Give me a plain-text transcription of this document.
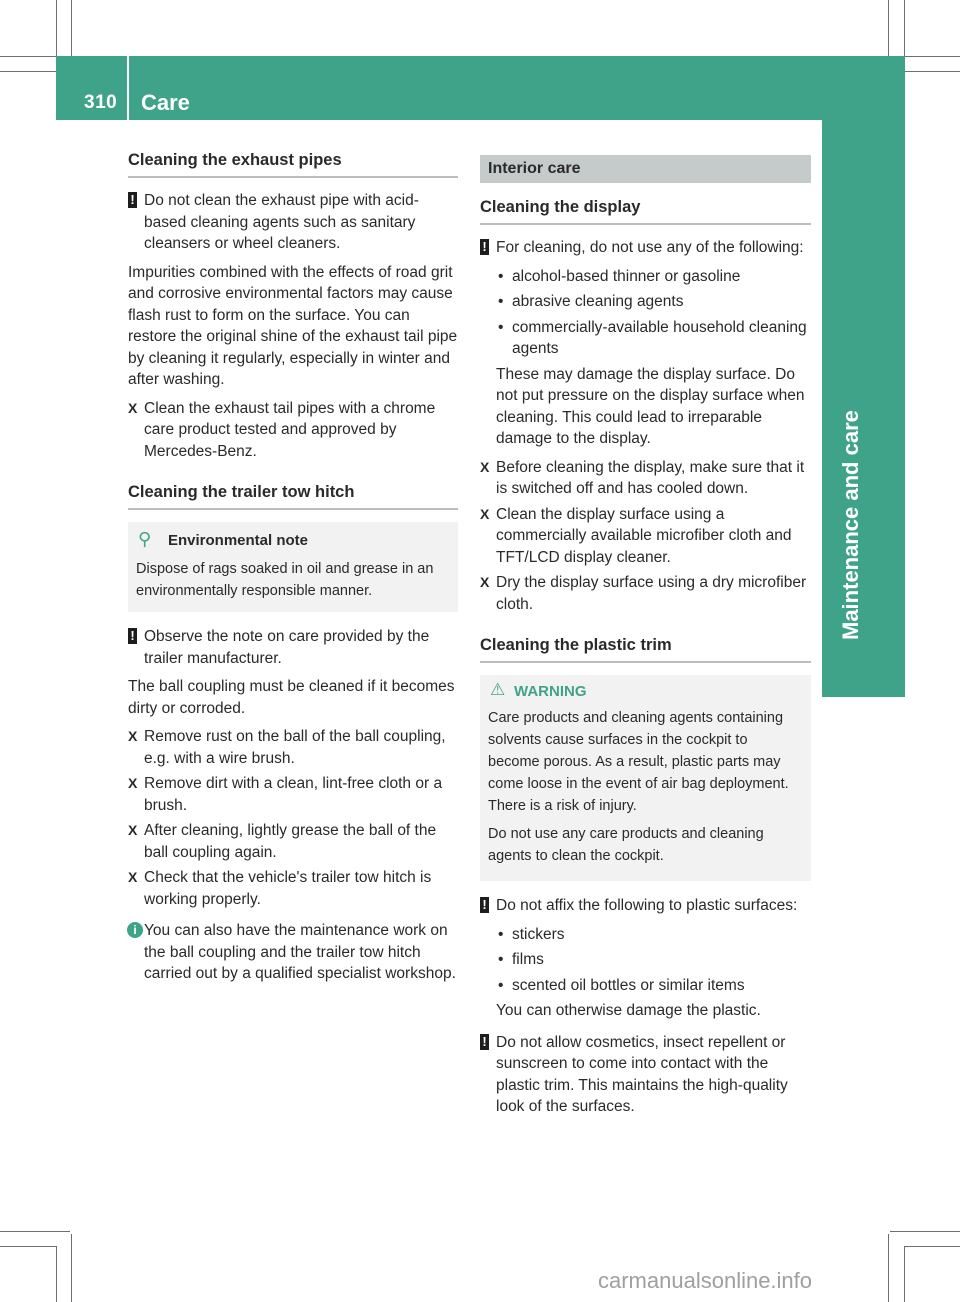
310 Care
Maintenance and care
Cleaning the exhaust pipes
! Do not clean the exhaust pipe with acid-based cleaning agents such as sanitary cleansers or wheel cleaners.

Impurities combined with the effects of road grit and corrosive environmental factors may cause flash rust to form on the surface. You can restore the original shine of the exhaust tail pipe by cleaning it regularly, especially in winter and after washing.

X Clean the exhaust tail pipes with a chrome care product tested and approved by Mercedes-Benz.
Cleaning the trailer tow hitch
⚲ Environmental note
Dispose of rags soaked in oil and grease in an environmentally responsible manner.
! Observe the note on care provided by the trailer manufacturer.

The ball coupling must be cleaned if it becomes dirty or corroded.

X Remove rust on the ball of the ball coupling, e.g. with a wire brush.
X Remove dirt with a clean, lint-free cloth or a brush.
X After cleaning, lightly grease the ball of the ball coupling again.
X Check that the vehicle's trailer tow hitch is working properly.
i You can also have the maintenance work on the ball coupling and the trailer tow hitch carried out by a qualified specialist workshop.
Interior care
Cleaning the display
! For cleaning, do not use any of the following:
• alcohol-based thinner or gasoline
• abrasive cleaning agents
• commercially-available household cleaning agents

These may damage the display surface. Do not put pressure on the display surface when cleaning. This could lead to irreparable damage to the display.

X Before cleaning the display, make sure that it is switched off and has cooled down.
X Clean the display surface using a commercially available microfiber cloth and TFT/LCD display cleaner.
X Dry the display surface using a dry microfiber cloth.
Cleaning the plastic trim
⚠ WARNING

Care products and cleaning agents containing solvents cause surfaces in the cockpit to become porous. As a result, plastic parts may come loose in the event of air bag deployment. There is a risk of injury.

Do not use any care products and cleaning agents to clean the cockpit.

! Do not affix the following to plastic surfaces:
• stickers
• films
• scented oil bottles or similar items

You can otherwise damage the plastic.

! Do not allow cosmetics, insect repellent or sunscreen to come into contact with the plastic trim. This maintains the high-quality look of the surfaces.
carmanualsonline.info
